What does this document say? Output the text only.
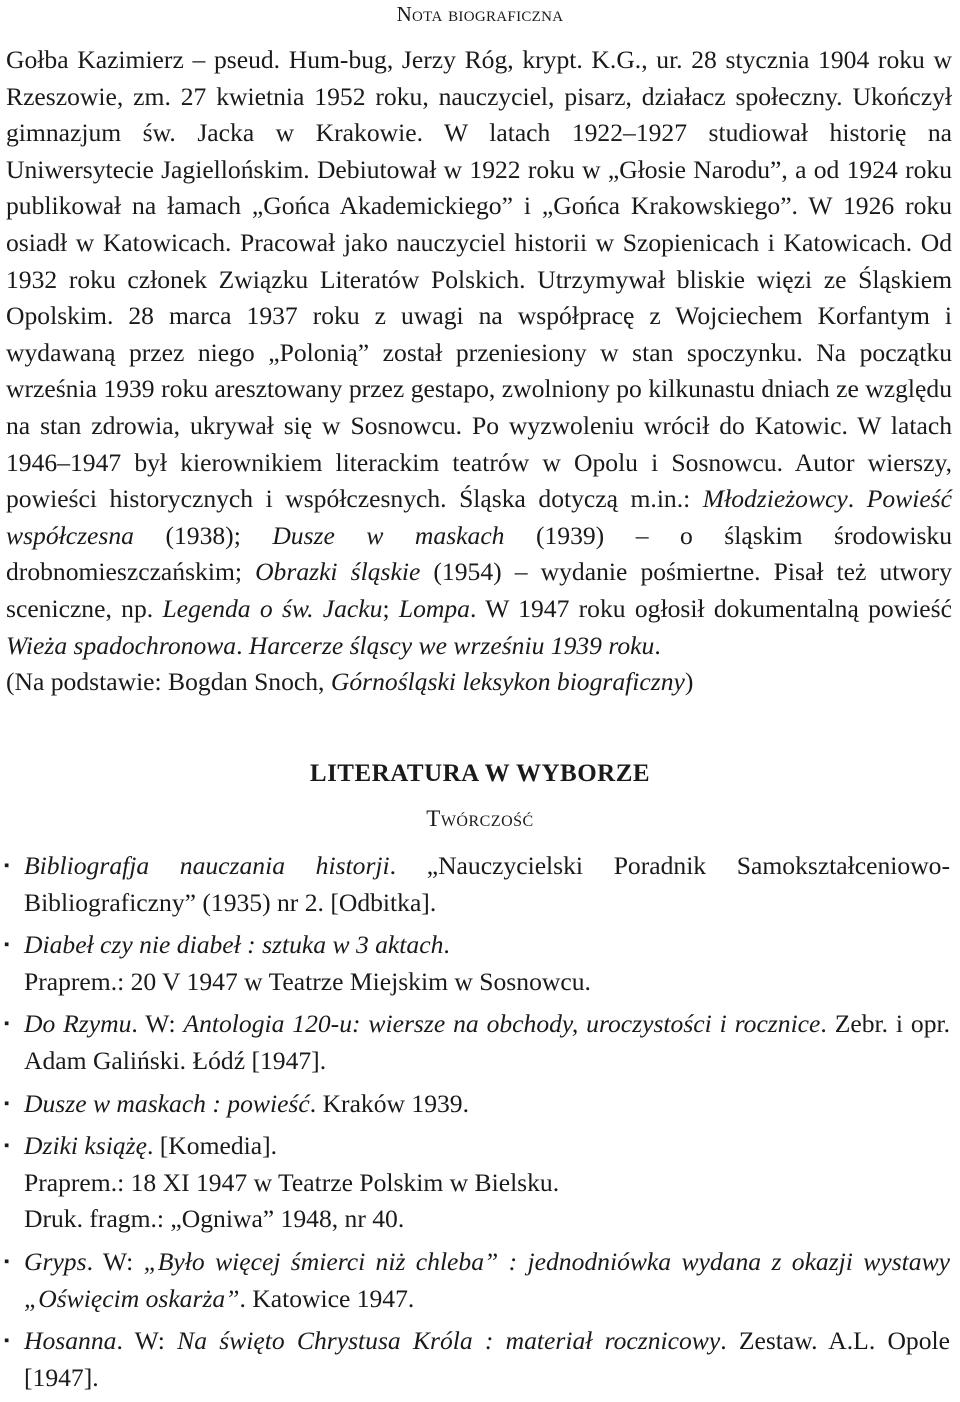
Nota biograficzna

Gołba Kazimierz – pseud. Hum-bug, Jerzy Róg, krypt. K.G., ur. 28 stycznia 1904 roku w Rzeszowie, zm. 27 kwietnia 1952 roku, nauczyciel, pisarz, działacz społeczny. Ukończył gimnazjum św. Jacka w Krakowie. W latach 1922–1927 studiował historię na Uniwersytecie Jagiellońskim. Debiutował w 1922 roku w „Głosie Narodu”, a od 1924 roku publikował na łamach „Gońca Akademickiego” i „Gońca Krakowskiego”. W 1926 roku osiadł w Katowicach. Pracował jako nauczyciel historii w Szopienicach i Katowicach. Od 1932 roku członek Związku Literatów Polskich. Utrzymywał bliskie więzi ze Śląskiem Opolskim. 28 marca 1937 roku z uwagi na współpracę z Wojciechem Korfantym i wydawaną przez niego „Polonią” został przeniesiony w stan spoczynku. Na początku września 1939 roku aresztowany przez gestapo, zwolniony po kilkunastu dniach ze względu na stan zdrowia, ukrywał się w Sosnowcu. Po wyzwoleniu wrócił do Katowic. W latach 1946–1947 był kierownikiem literackim teatrów w Opolu i Sosnowcu. Autor wierszy, powieści historycznych i współczesnych. Śląska dotyczą m.in.: Młodzieżowcy. Powieść współczesna (1938); Dusze w maskach (1939) – o śląskim środowisku drobnomieszczańskim; Obrazki śląskie (1954) – wydanie pośmiertne. Pisał też utwory sceniczne, np. Legenda o św. Jacku; Lompa. W 1947 roku ogłosił dokumentalną powieść Wieża spadochronowa. Harcerze śląscy we wrześniu 1939 roku.
(Na podstawie: Bogdan Snoch, Górnośląski leksykon biograficzny)

LITERATURA W WYBORZE
Twórczość
▪ Bibliografja nauczania historji. „Nauczycielski Poradnik Samokształceniowo-Bibliograficzny” (1935) nr 2. [Odbitka].
▪ Diabeł czy nie diabeł : sztuka w 3 aktach.
Praprem.: 20 V 1947 w Teatrze Miejskim w Sosnowcu.
▪ Do Rzymu. W: Antologia 120-u: wiersze na obchody, uroczystości i rocznice. Zebr. i opr. Adam Galiński. Łódź [1947].
▪ Dusze w maskach : powieść. Kraków 1939.
▪ Dziki książę. [Komedia].
Praprem.: 18 XI 1947 w Teatrze Polskim w Bielsku.
Druk. fragm.: „Ogniwa” 1948, nr 40.
▪ Gryps. W: „Było więcej śmierci niż chleba” : jednodniówka wydana z okazji wystawy „Oświęcim oskarża”. Katowice 1947.
▪ Hosanna. W: Na święto Chrystusa Króla : materiał rocznicowy. Zestaw. A.L. Opole [1947].
